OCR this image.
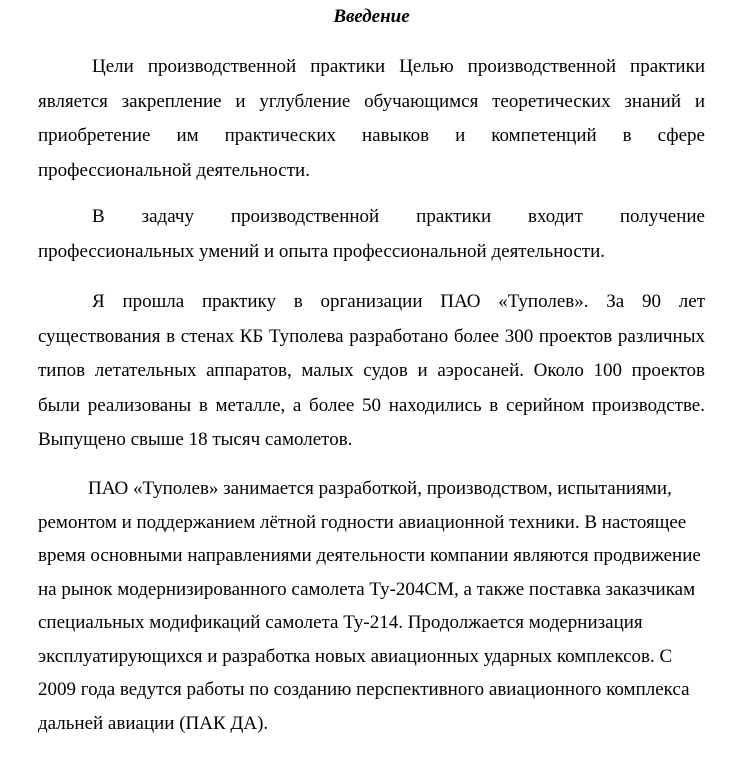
Введение

Цели производственной практики Целью производственной практики является закрепление и углубление обучающимся теоретических знаний и приобретение им практических навыков и компетенций в сфере профессиональной деятельности.

В задачу производственной практики входит получение профессиональных умений и опыта профессиональной деятельности.

Я прошла практику в организации ПАО «Туполев». За 90 лет существования в стенах КБ Туполева разработано более 300 проектов различных типов летательных аппаратов, малых судов и аэросаней. Около 100 проектов были реализованы в металле, а более 50 находились в серийном производстве. Выпущено свыше 18 тысяч самолетов.

ПАО «Туполев» занимается разработкой, производством, испытаниями, ремонтом и поддержанием лётной годности авиационной техники. В настоящее время основными направлениями деятельности компании являются продвижение на рынок модернизированного самолета Ту-204СМ, а также поставка заказчикам специальных модификаций самолета Ту-214. Продолжается модернизация эксплуатирующихся и разработка новых авиационных ударных комплексов. С 2009 года ведутся работы по созданию перспективного авиационного комплекса дальней авиации (ПАК ДА).
